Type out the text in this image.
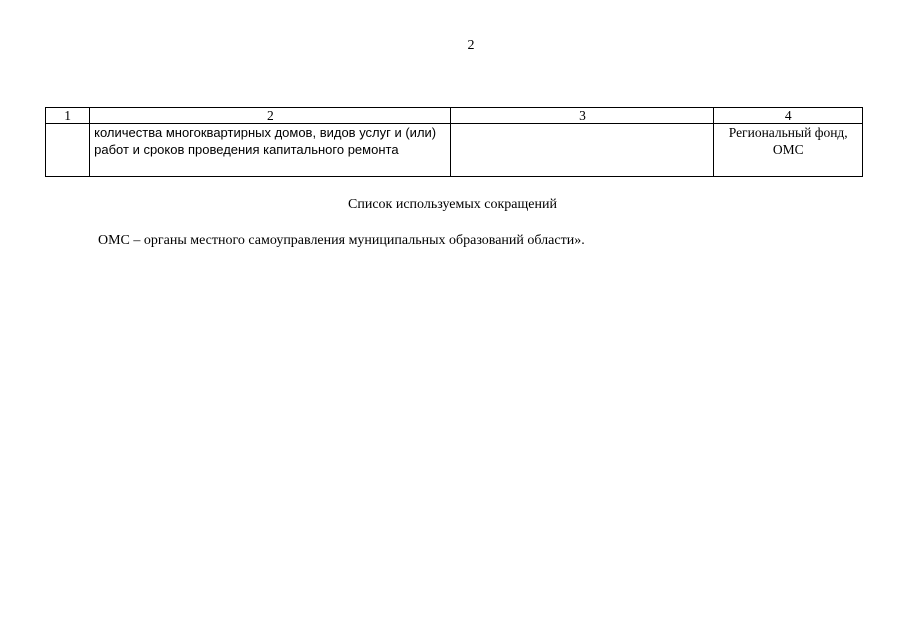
2
1	2	3	4
	количества многоквартирных домов, видов услуг и (или) работ и сроков проведения капитального ремонта		Региональный фонд, ОМС
Список используемых сокращений
ОМС – органы местного самоуправления муниципальных образований области».
